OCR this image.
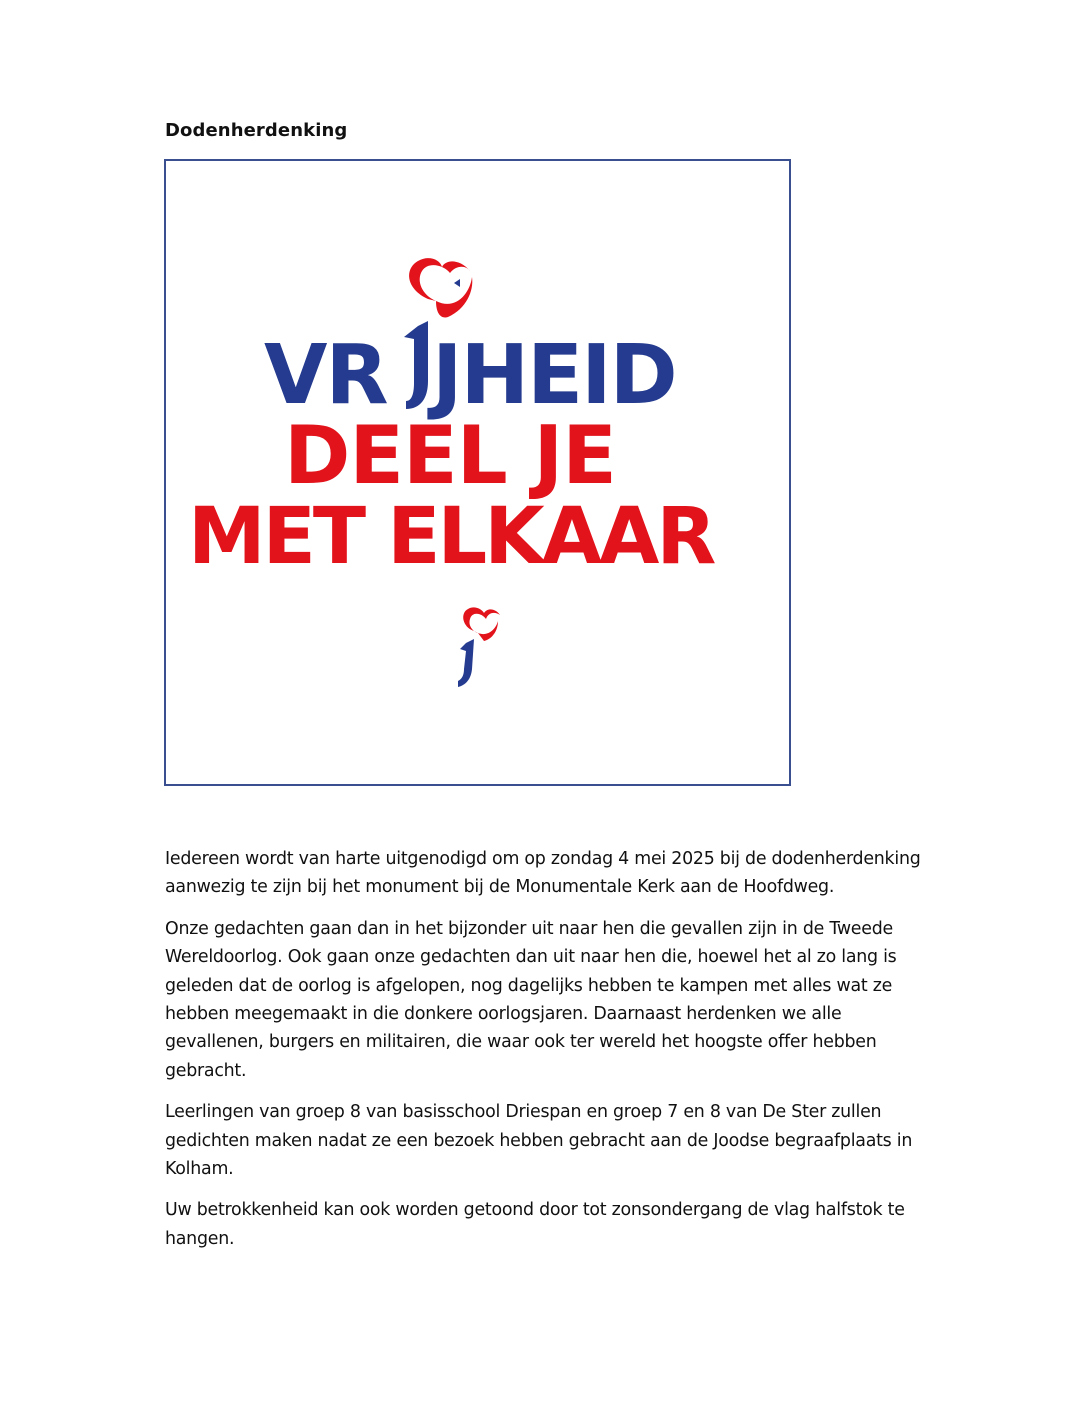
Dodenherdenking
VR JHEID
DEEL JE
MET ELKAAR

Iedereen wordt van harte uitgenodigd om op zondag 4 mei 2025 bij de dodenherdenking
aanwezig te zijn bij het monument bij de Monumentale Kerk aan de Hoofdweg.

Onze gedachten gaan dan in het bijzonder uit naar hen die gevallen zijn in de Tweede
Wereldoorlog. Ook gaan onze gedachten dan uit naar hen die, hoewel het al zo lang is
geleden dat de oorlog is afgelopen, nog dagelijks hebben te kampen met alles wat ze
hebben meegemaakt in die donkere oorlogsjaren. Daarnaast herdenken we alle
gevallenen, burgers en militairen, die waar ook ter wereld het hoogste offer hebben
gebracht.

Leerlingen van groep 8 van basisschool Driespan en groep 7 en 8 van De Ster zullen
gedichten maken nadat ze een bezoek hebben gebracht aan de Joodse begraafplaats in
Kolham.

Uw betrokkenheid kan ook worden getoond door tot zonsondergang de vlag halfstok te
hangen.
